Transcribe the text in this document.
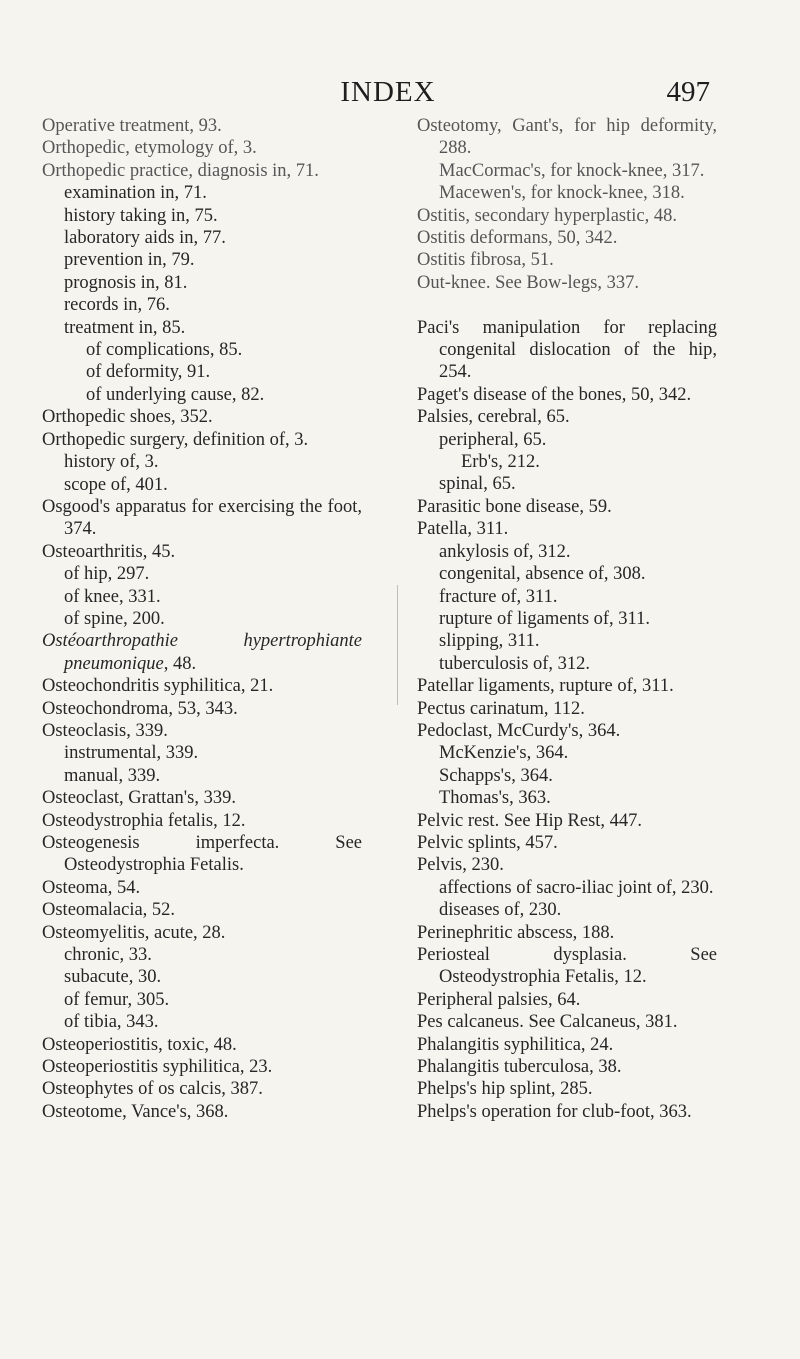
INDEX	497

Operative treatment, 93.

Orthopedic, etymology of, 3.

Orthopedic practice, diagnosis in, 71.

examination in, 71.

history taking in, 75.

laboratory aids in, 77.

prevention in, 79.

prognosis in, 81.

records in, 76.

treatment in, 85.

of complications, 85.

of deformity, 91.

of underlying cause, 82.

Orthopedic shoes, 352.

Orthopedic surgery, definition of, 3.

history of, 3.

scope of, 401.

Osgood's apparatus for exercising the foot, 374.

Osteoarthritis, 45.

of hip, 297.

of knee, 331.

of spine, 200.

Ostéoarthropathie hypertrophiante pneumonique, 48.

Osteochondritis syphilitica, 21.

Osteochondroma, 53, 343.

Osteoclasis, 339.

instrumental, 339.

manual, 339.

Osteoclast, Grattan's, 339.

Osteodystrophia fetalis, 12.

Osteogenesis imperfecta. See Osteodystrophia Fetalis.

Osteoma, 54.

Osteomalacia, 52.

Osteomyelitis, acute, 28.

chronic, 33.

subacute, 30.

of femur, 305.

of tibia, 343.

Osteoperiostitis, toxic, 48.

Osteoperiostitis syphilitica, 23.

Osteophytes of os calcis, 387.

Osteotome, Vance's, 368.

Osteotomy, Gant's, for hip deformity, 288.

MacCormac's, for knock-knee, 317.

Macewen's, for knock-knee, 318.

Ostitis, secondary hyperplastic, 48.

Ostitis deformans, 50, 342.

Ostitis fibrosa, 51.

Out-knee. See Bow-legs, 337.

Paci's manipulation for replacing congenital dislocation of the hip, 254.

Paget's disease of the bones, 50, 342.

Palsies, cerebral, 65.

peripheral, 65.

Erb's, 212.

spinal, 65.

Parasitic bone disease, 59.

Patella, 311.

ankylosis of, 312.

congenital, absence of, 308.

fracture of, 311.

rupture of ligaments of, 311.

slipping, 311.

tuberculosis of, 312.

Patellar ligaments, rupture of, 311.

Pectus carinatum, 112.

Pedoclast, McCurdy's, 364.

McKenzie's, 364.

Schapps's, 364.

Thomas's, 363.

Pelvic rest. See Hip Rest, 447.

Pelvic splints, 457.

Pelvis, 230.

affections of sacro-iliac joint of, 230.

diseases of, 230.

Perinephritic abscess, 188.

Periosteal dysplasia. See Osteodystrophia Fetalis, 12.

Peripheral palsies, 64.

Pes calcaneus. See Calcaneus, 381.

Phalangitis syphilitica, 24.

Phalangitis tuberculosa, 38.

Phelps's hip splint, 285.

Phelps's operation for club-foot, 363.
